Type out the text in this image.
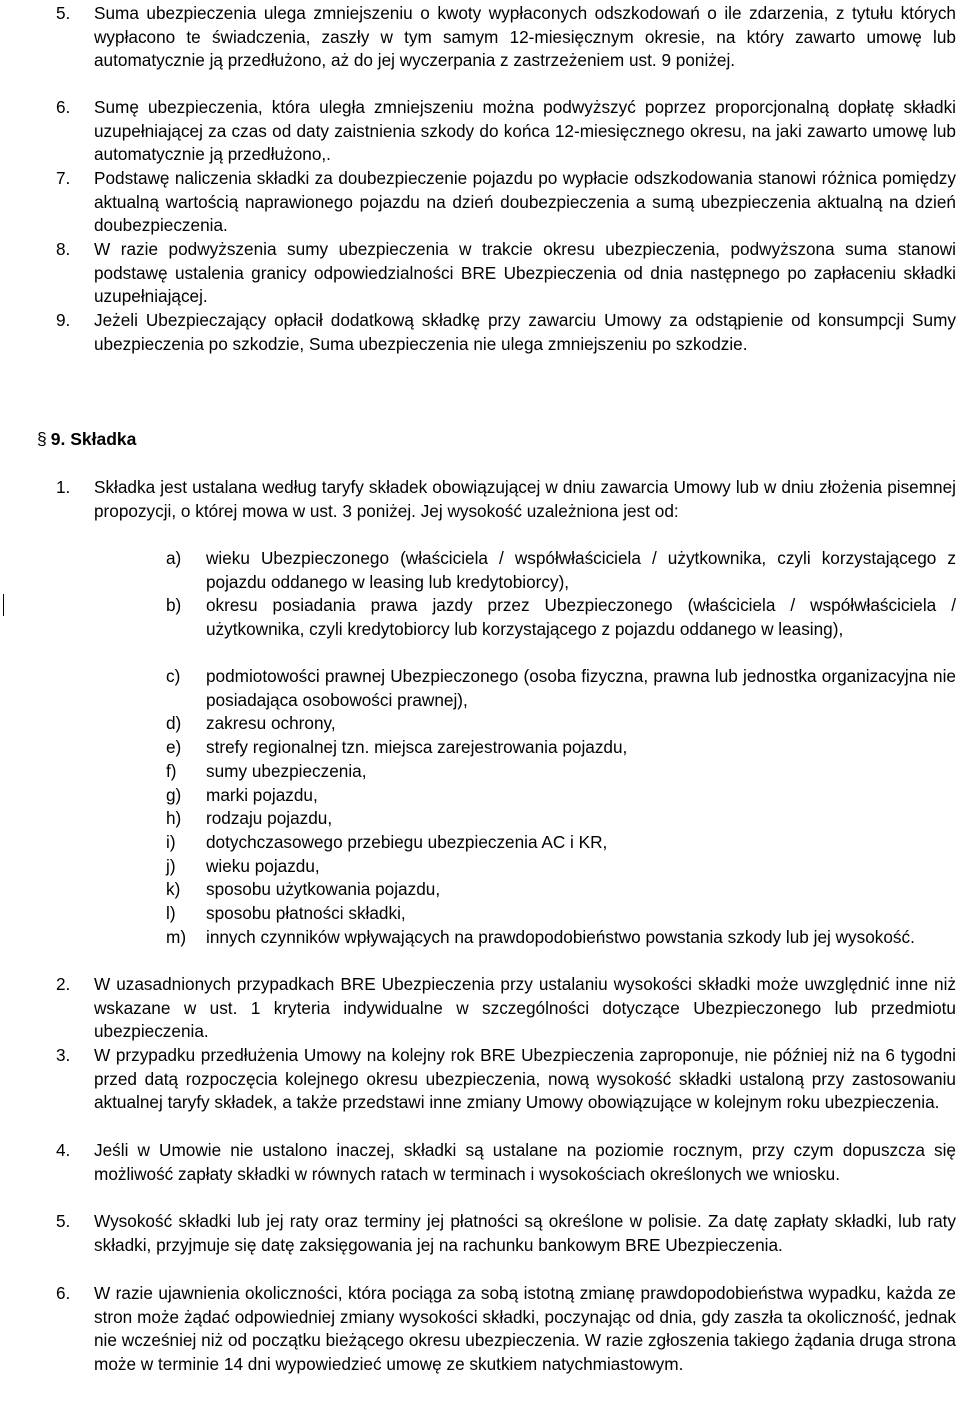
5.	Suma ubezpieczenia ulega zmniejszeniu o kwoty wypłaconych odszkodowań o ile zdarzenia, z tytułu których wypłacono te świadczenia, zaszły w tym samym 12-miesięcznym okresie, na który zawarto umowę lub automatycznie ją przedłużono, aż do jej wyczerpania z zastrzeżeniem ust. 9 poniżej.
6.	Sumę ubezpieczenia, która uległa zmniejszeniu można podwyższyć poprzez proporcjonalną dopłatę składki uzupełniającej za czas od daty zaistnienia szkody do końca 12-miesięcznego okresu, na jaki zawarto umowę lub automatycznie ją przedłużono,.
7.	Podstawę naliczenia składki za doubezpieczenie pojazdu po wypłacie odszkodowania stanowi różnica pomiędzy aktualną wartością naprawionego pojazdu na dzień doubezpieczenia a sumą ubezpieczenia aktualną na dzień doubezpieczenia.
8.	W razie podwyższenia sumy ubezpieczenia w trakcie okresu ubezpieczenia, podwyższona suma stanowi podstawę ustalenia granicy odpowiedzialności BRE Ubezpieczenia od dnia następnego po zapłaceniu składki uzupełniającej.
9.	Jeżeli Ubezpieczający opłacił dodatkową składkę przy zawarciu Umowy za odstąpienie od konsumpcji Sumy ubezpieczenia po szkodzie, Suma ubezpieczenia nie ulega zmniejszeniu po szkodzie.
§ 9. Składka
1.	Składka jest ustalana według taryfy składek obowiązującej w dniu zawarcia Umowy lub w dniu złożenia pisemnej propozycji, o której mowa w ust. 3 poniżej. Jej wysokość uzależniona jest od:
a)	wieku Ubezpieczonego (właściciela / współwłaściciela / użytkownika, czyli korzystającego z pojazdu oddanego w leasing lub kredytobiorcy),
b)	okresu posiadania prawa jazdy przez Ubezpieczonego (właściciela / współwłaściciela / użytkownika, czyli kredytobiorcy lub korzystającego z pojazdu oddanego w leasing),
c)	podmiotowości prawnej Ubezpieczonego (osoba fizyczna, prawna lub jednostka organizacyjna nie posiadająca osobowości prawnej),
d)	zakresu ochrony,
e)	strefy regionalnej tzn. miejsca zarejestrowania pojazdu,
f)	sumy ubezpieczenia,
g)	marki pojazdu,
h)	rodzaju pojazdu,
i)	dotychczasowego przebiegu ubezpieczenia AC i KR,
j)	wieku pojazdu,
k)	sposobu użytkowania pojazdu,
l)	sposobu płatności składki,
m)	innych czynników wpływających na prawdopodobieństwo powstania szkody lub jej wysokość.
2.	W uzasadnionych przypadkach BRE Ubezpieczenia przy ustalaniu wysokości składki może uwzględnić inne niż wskazane w ust. 1 kryteria indywidualne w szczególności dotyczące Ubezpieczonego lub przedmiotu ubezpieczenia.
3.	W przypadku przedłużenia Umowy na kolejny rok BRE Ubezpieczenia zaproponuje, nie później niż na 6 tygodni przed datą rozpoczęcia kolejnego okresu ubezpieczenia, nową wysokość składki ustaloną przy zastosowaniu aktualnej taryfy składek, a także przedstawi inne zmiany Umowy obowiązujące w kolejnym roku ubezpieczenia.
4.	Jeśli w Umowie nie ustalono inaczej, składki są ustalane na poziomie rocznym, przy czym dopuszcza się możliwość zapłaty składki w równych ratach w terminach i wysokościach określonych we wniosku.
5.	Wysokość składki lub jej raty oraz terminy jej płatności są określone w polisie. Za datę zapłaty składki, lub raty składki, przyjmuje się datę zaksięgowania jej na rachunku bankowym BRE Ubezpieczenia.
6.	W razie ujawnienia okoliczności, która pociąga za sobą istotną zmianę prawdopodobieństwa wypadku, każda ze stron może żądać odpowiedniej zmiany wysokości składki, poczynając od dnia, gdy zaszła ta okoliczność, jednak nie wcześniej niż od początku bieżącego okresu ubezpieczenia. W razie zgłoszenia takiego żądania druga strona może w terminie 14 dni wypowiedzieć umowę ze skutkiem natychmiastowym.
